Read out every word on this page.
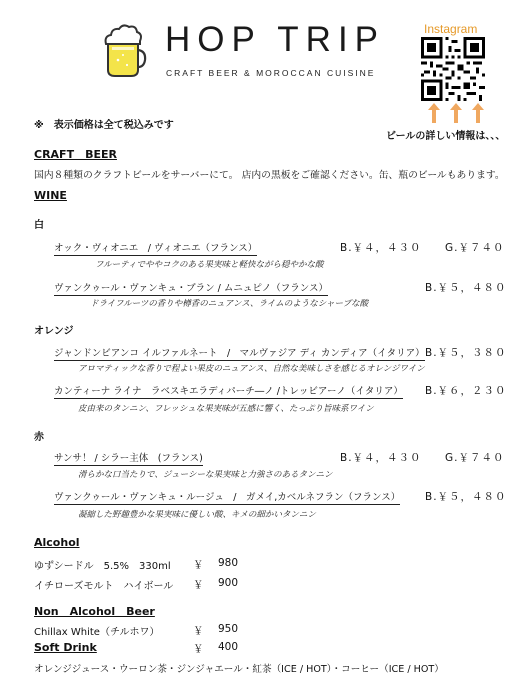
HOP TRIP
CRAFT BEER & MOROCCAN CUISINE
Instagram
ビールの詳しい情報は、、、
※　表示価格は全て税込みです
CRAFT　BEER
国内８種類のクラフトビールをサーバーにて。 店内の黒板をご確認ください。缶、瓶のビールもあります。
WINE
白
オック・ヴィオニエ　/ ヴィオニエ（フランス）	B.￥４，４３０ G.￥７４０
フルーティでややコクのある果実味と軽快ながら穏やかな酸
ヴァンクゥール・ヴァンキュ・ブラン / ムニュピノ（フランス）	B.￥５，４８０
ドライフルーツの香りや樽香のニュアンス、ライムのようなシャープな酸
オレンジ
ジャンドンビアンコ イルファルネート　/　マルヴァジア ディ カンディア（イタリア） B.￥５，３８０
アロマティックな香りで程よい果皮のニュアンス、自然な美味しさを感じるオレンジワイン
カンティーナ ライナ　ラベスキエラディパーチ―ノ /トレッビアーノ（イタリア） B.￥６，２３０
皮由来のタンニン、フレッシュな果実味が五感に響く、たっぷり旨味系ワイン
赤
サンサ！ / シラー主体　(フランス)	B.￥４，４３０ G.￥７４０
滑らかな口当たりで、ジューシーな果実味と力強さのあるタンニン
ヴァンクゥール・ヴァンキュ・ルージュ　/　ガメイ,カベルネフラン（フランス） B.￥５，４８０
凝縮した野趣豊かな果実味に優しい酸、キメの細かいタンニン
Alcohol
ゆずシードル　5.5%　330ml ￥ 980
イチローズモルト　ハイボール ￥ 900
Non　Alcohol　Beer
Chillax White（チルホワ）	￥ 950
Soft Drink	￥ 400
オレンジジュース・ウーロン茶・ジンジャエール・紅茶（ICE / HOT）・コーヒー（ICE / HOT）
